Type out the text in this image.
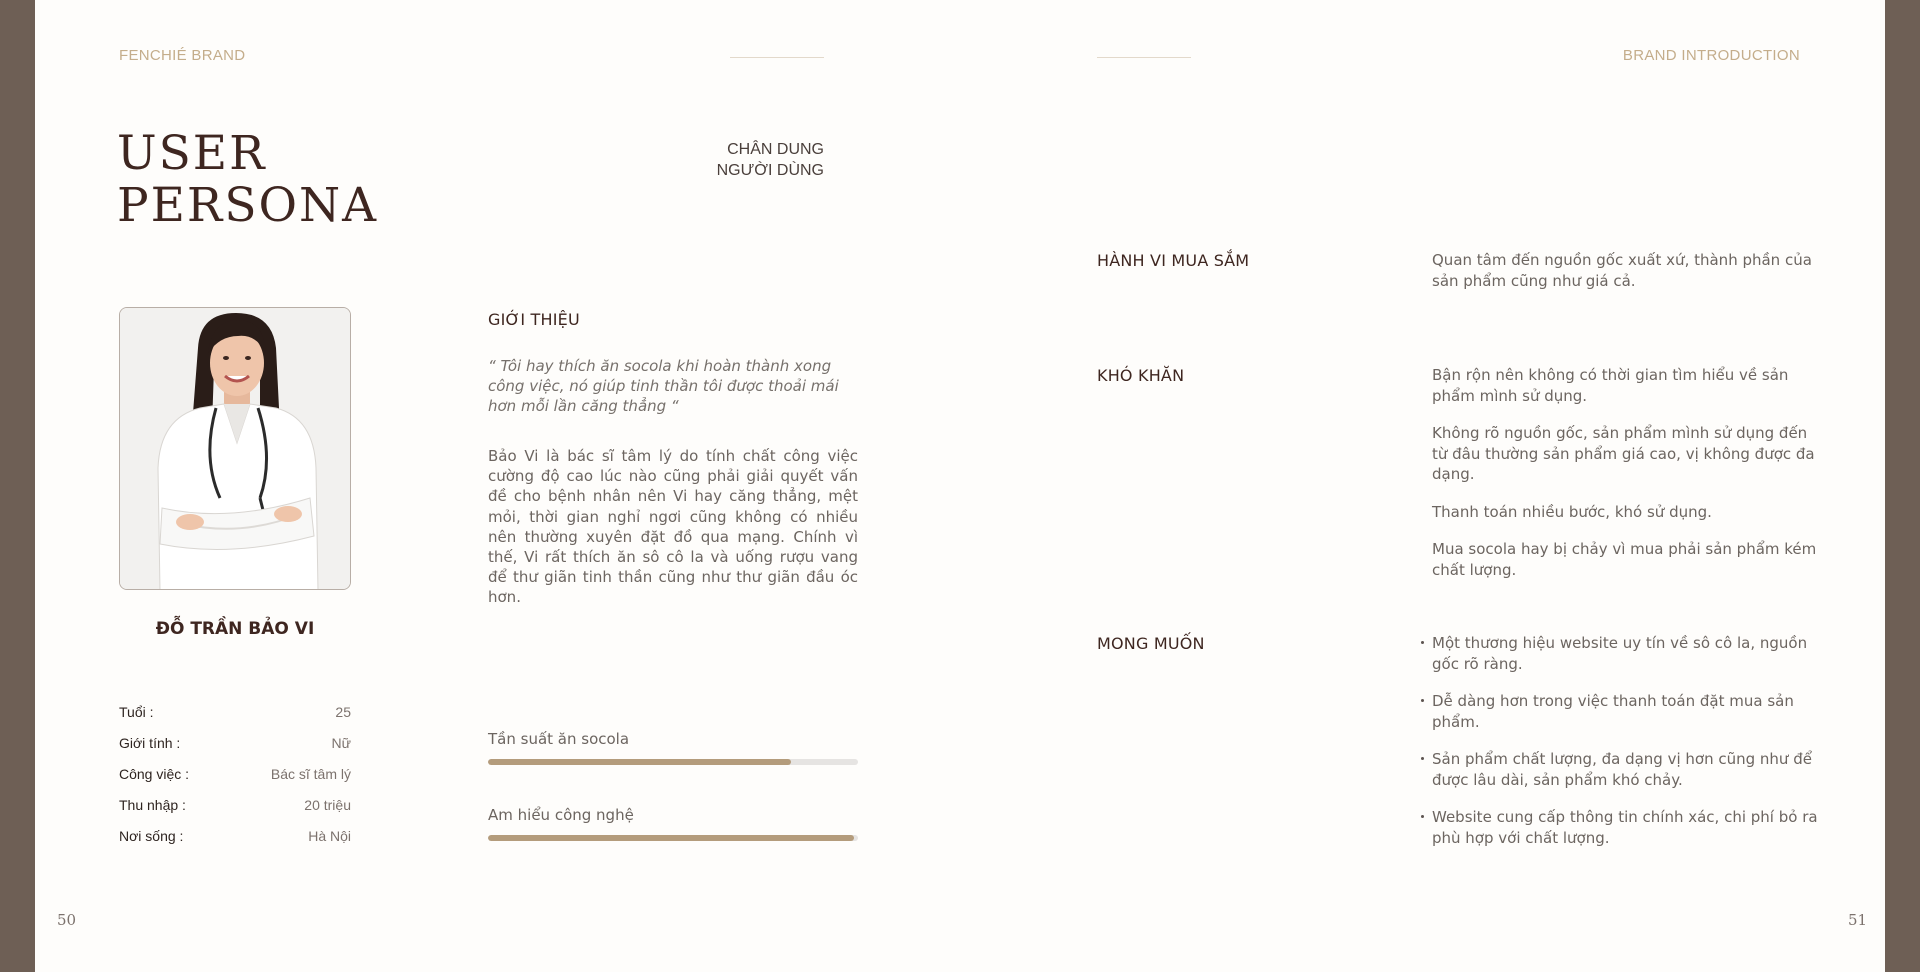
FENCHIÉ BRAND	BRAND INTRODUCTION
USER
PERSONA
CHÂN DUNG
NGƯỜI DÙNG
ĐỖ TRẦN BẢO VI
Tuổi :	25
Giới tính :	Nữ
Công việc :	Bác sĩ tâm lý
Thu nhập :	20 triệu
Nơi sống :	Hà Nội
GIỚI THIỆU
“ Tôi hay thích ăn socola khi hoàn thành xong công việc, nó giúp tinh thần tôi được thoải mái hơn mỗi lần căng thẳng “
Bảo Vi là bác sĩ tâm lý do tính chất công việc cường độ cao lúc nào cũng phải giải quyết vấn đề cho bệnh nhân nên Vi hay căng thẳng, mệt mỏi, thời gian nghỉ ngơi cũng không có nhiều nên thường xuyên đặt đồ qua mạng. Chính vì thế, Vi rất thích ăn sô cô la và uống rượu vang để thư giãn tinh thần cũng như thư giãn đầu óc hơn.
Tần suất ăn socola
Am hiểu công nghệ
HÀNH VI MUA SẮM	Quan tâm đến nguồn gốc xuất xứ, thành phần của sản phẩm cũng như giá cả.
KHÓ KHĂN	Bận rộn nên không có thời gian tìm hiểu về sản phẩm mình sử dụng.
Không rõ nguồn gốc, sản phẩm mình sử dụng đến từ đâu thường sản phẩm giá cao, vị không được đa dạng.
Thanh toán nhiều bước, khó sử dụng.
Mua socola hay bị chảy vì mua phải sản phẩm kém chất lượng.
MONG MUỐN	Một thương hiệu website uy tín về sô cô la, nguồn gốc rõ ràng.
Dễ dàng hơn trong việc thanh toán đặt mua sản phẩm.
Sản phẩm chất lượng, đa dạng vị hơn cũng như để được lâu dài, sản phẩm khó chảy.
Website cung cấp thông tin chính xác, chi phí bỏ ra phù hợp với chất lượng.
50	51
